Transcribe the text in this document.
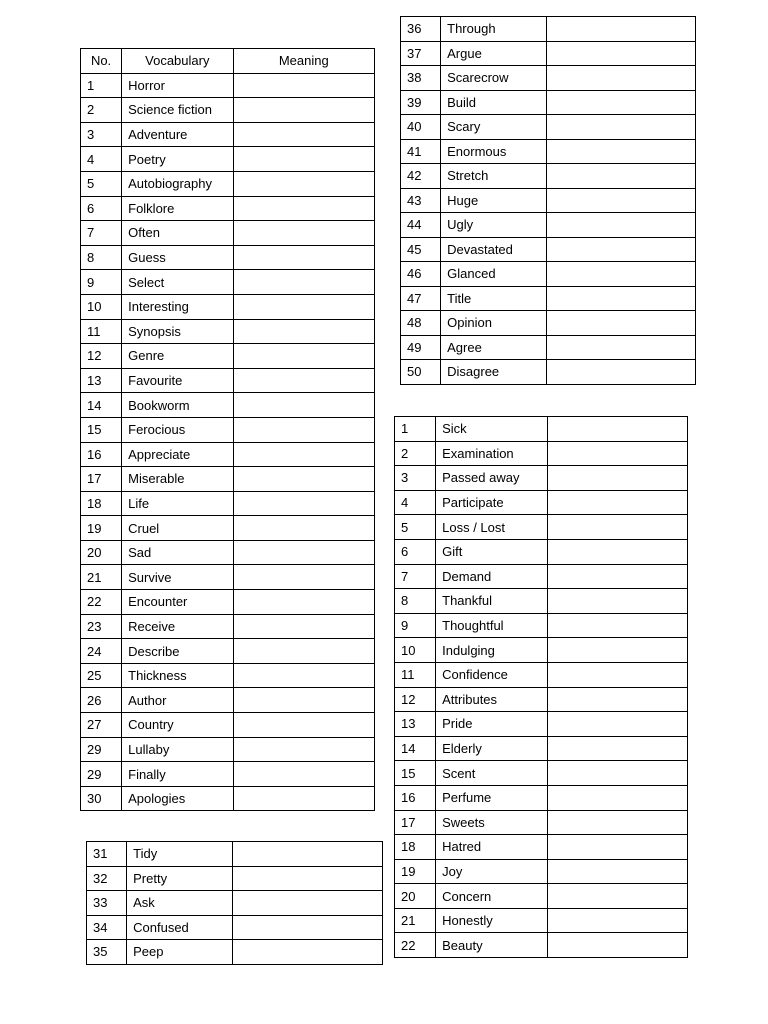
No.	Vocabulary	Meaning
1	Horror	
2	Science fiction	
3	Adventure	
4	Poetry	
5	Autobiography	
6	Folklore	
7	Often	
8	Guess	
9	Select	
10	Interesting	
11	Synopsis	
12	Genre	
13	Favourite	
14	Bookworm	
15	Ferocious	
16	Appreciate	
17	Miserable	
18	Life	
19	Cruel	
20	Sad	
21	Survive	
22	Encounter	
23	Receive	
24	Describe	
25	Thickness	
26	Author	
27	Country	
29	Lullaby	
29	Finally	
30	Apologies	
31	Tidy	
32	Pretty	
33	Ask	
34	Confused	
35	Peep	
36	Through	
37	Argue	
38	Scarecrow	
39	Build	
40	Scary	
41	Enormous	
42	Stretch	
43	Huge	
44	Ugly	
45	Devastated	
46	Glanced	
47	Title	
48	Opinion	
49	Agree	
50	Disagree	
1	Sick	
2	Examination	
3	Passed away	
4	Participate	
5	Loss / Lost	
6	Gift	
7	Demand	
8	Thankful	
9	Thoughtful	
10	Indulging	
11	Confidence	
12	Attributes	
13	Pride	
14	Elderly	
15	Scent	
16	Perfume	
17	Sweets	
18	Hatred	
19	Joy	
20	Concern	
21	Honestly	
22	Beauty	
